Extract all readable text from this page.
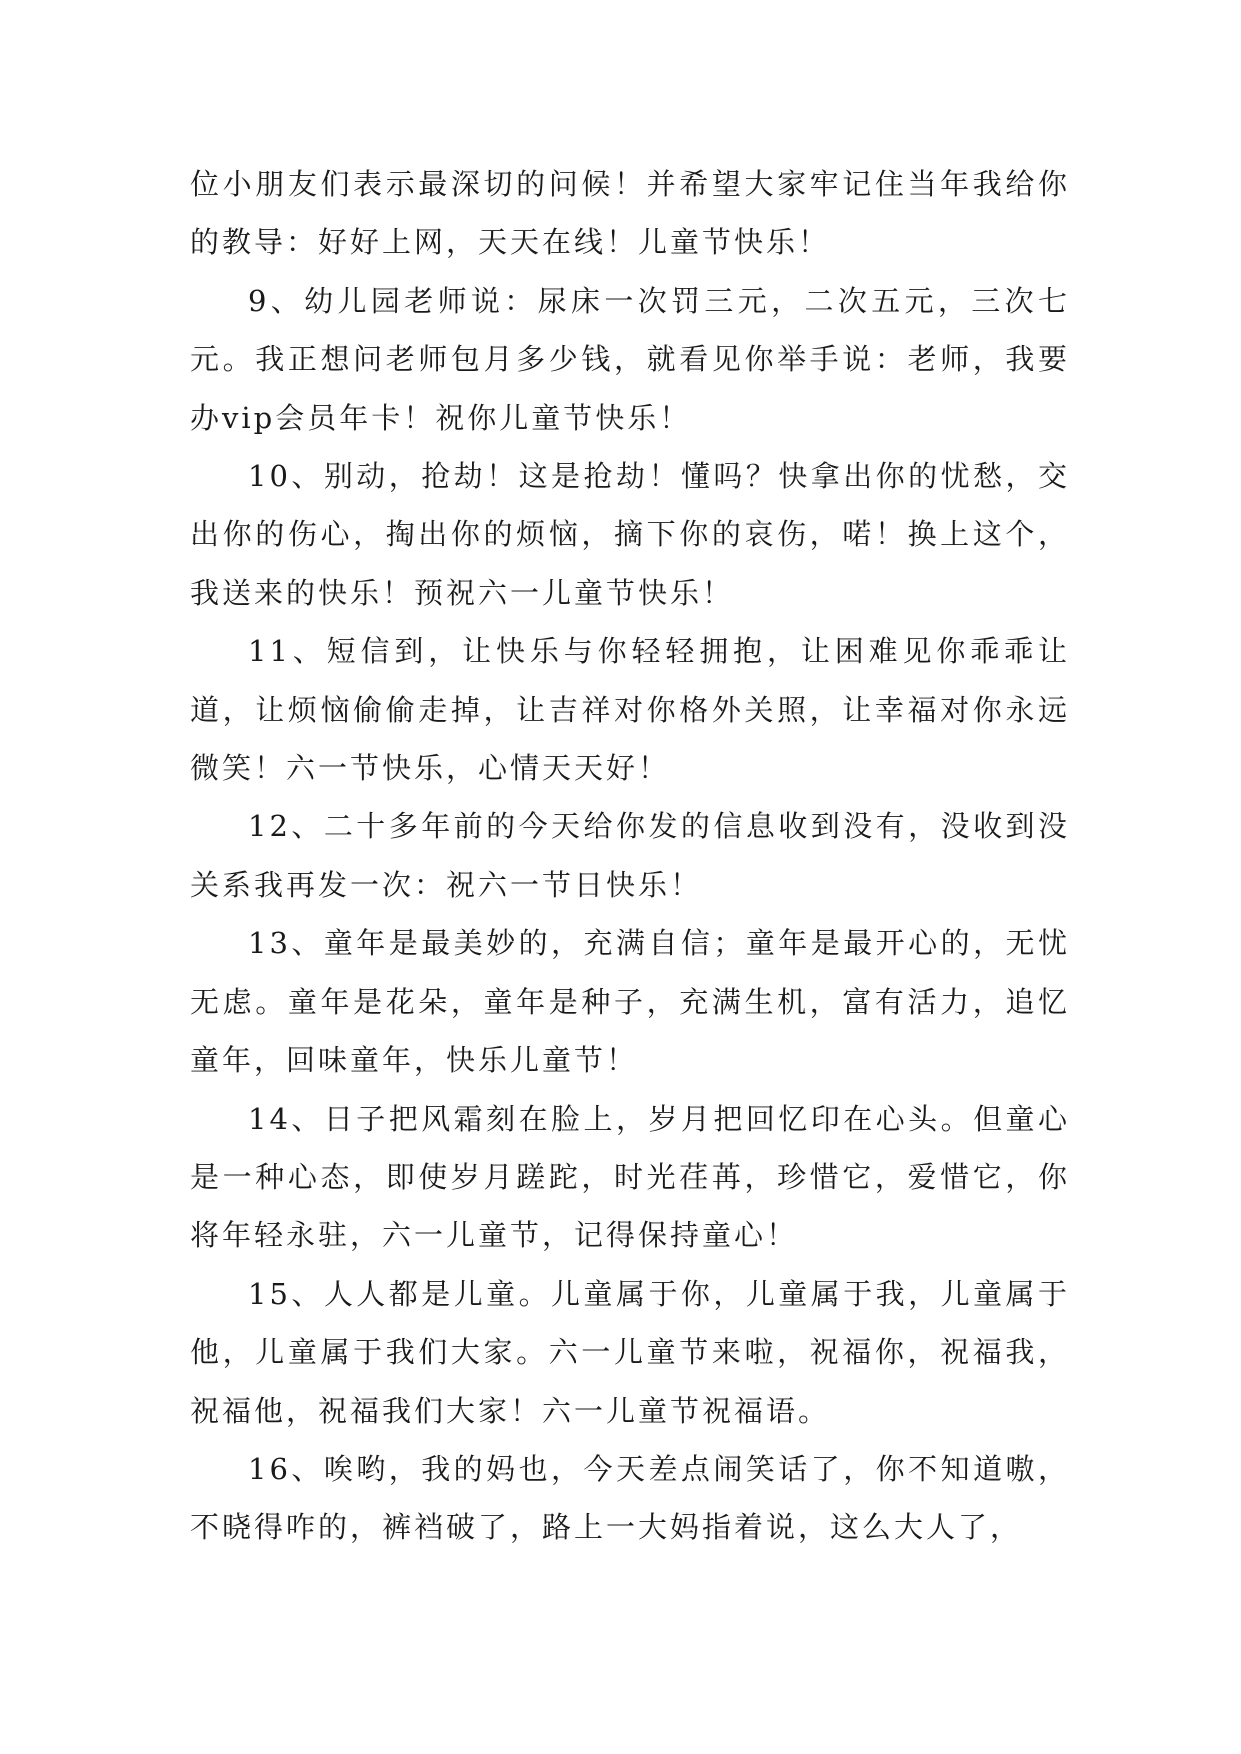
位小朋友们表示最深切的问候！并希望大家牢记住当年我给你的教导：好好上网，天天在线！儿童节快乐！

9、幼儿园老师说：尿床一次罚三元，二次五元，三次七元。我正想问老师包月多少钱，就看见你举手说：老师，我要办vip会员年卡！祝你儿童节快乐！

10、别动，抢劫！这是抢劫！懂吗？快拿出你的忧愁，交出你的伤心，掏出你的烦恼，摘下你的哀伤，喏！换上这个，我送来的快乐！预祝六一儿童节快乐！

11、短信到，让快乐与你轻轻拥抱，让困难见你乖乖让道，让烦恼偷偷走掉，让吉祥对你格外关照，让幸福对你永远微笑！六一节快乐，心情天天好！

12、二十多年前的今天给你发的信息收到没有，没收到没关系我再发一次：祝六一节日快乐！

13、童年是最美妙的，充满自信；童年是最开心的，无忧无虑。童年是花朵，童年是种子，充满生机，富有活力，追忆童年，回味童年，快乐儿童节！

14、日子把风霜刻在脸上，岁月把回忆印在心头。但童心是一种心态，即使岁月蹉跎，时光荏苒，珍惜它，爱惜它，你将年轻永驻，六一儿童节，记得保持童心！

15、人人都是儿童。儿童属于你，儿童属于我，儿童属于他，儿童属于我们大家。六一儿童节来啦，祝福你，祝福我，祝福他，祝福我们大家！六一儿童节祝福语。

16、唉哟，我的妈也，今天差点闹笑话了，你不知道嗷，不晓得咋的，裤裆破了，路上一大妈指着说，这么大人了，
